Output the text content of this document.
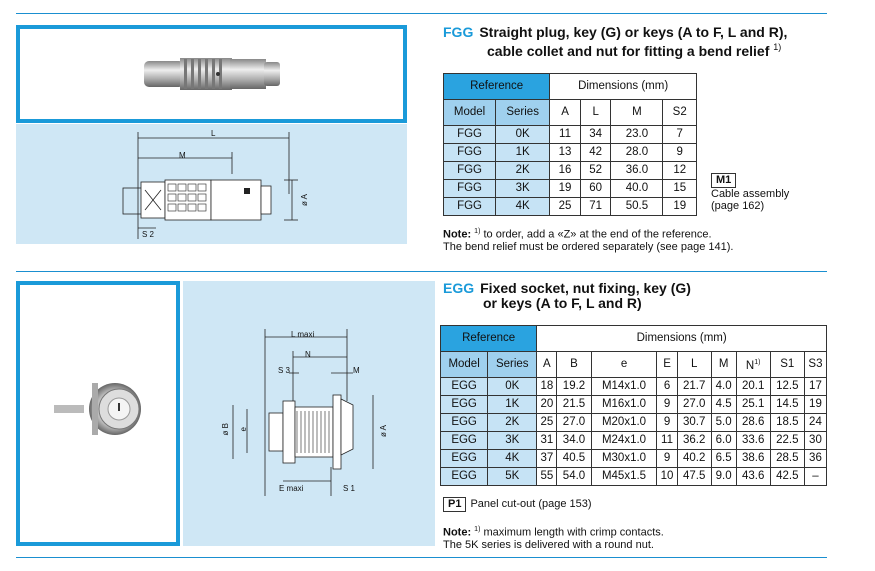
L
M
ø A
S 2
FGG Straight plug, key (G) or keys (A to F, L and R),
cable collet and nut for fitting a bend relief $^{1)}$
Reference		Dimensions (mm)			
Model	Series	A	L	M	S2
FGG	0K	11	34	23.0	7
FGG	1K	13	42	28.0	9
FGG	2K	16	52	36.0	12
FGG	3K	19	60	40.0	15
FGG	4K	25	71	50.5	19
M1
Cable assembly
(page 162)
Note: $^{1)}$ to order, add a «Z» at the end of the reference.
The bend relief must be ordered separately (see page 141).
L maxi
N
S 3	M
ø B e	ø A
E maxi	S 1
EGG Fixed socket, nut fixing, key (G)
or keys (A to F, L and R)
Reference		Dimensions (mm)								
Model	Series	A	B	e	E	L	M	$N^{1)}$	S1	S3
EGG	0K	18	19.2	M14x1.0	6	21.7	4.0	20.1	12.5	17
EGG	1K	20	21.5	M16x1.0	9	27.0	4.5	25.1	14.5	19
EGG	2K	25	27.0	M20x1.0	9	30.7	5.0	28.6	18.5	24
EGG	3K	31	34.0	M24x1.0	11	36.2	6.0	33.6	22.5	30
EGG	4K	37	40.5	M30x1.0	9	40.2	6.5	38.6	28.5	36
EGG	5K	55	54.0	M45x1.5	10	47.5	9.0	43.6	42.5	–
P1 Panel cut-out (page 153)
Note: $^{1)}$ maximum length with crimp contacts.
The 5K series is delivered with a round nut.
